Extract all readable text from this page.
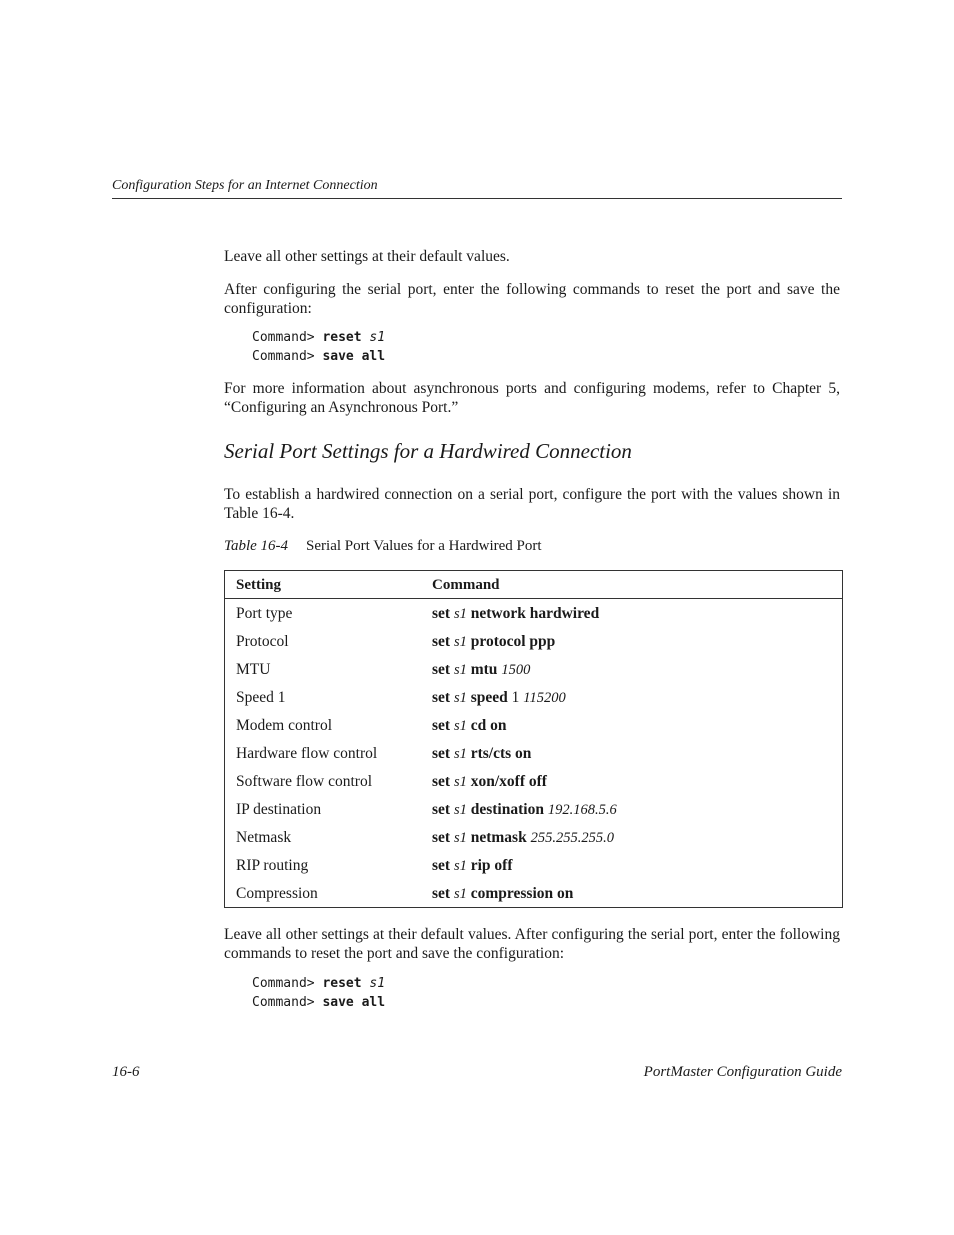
Configuration Steps for an Internet Connection
Leave all other settings at their default values.
After configuring the serial port, enter the following commands to reset the port and save the configuration:
Command> reset s1
Command> save all
For more information about asynchronous ports and configuring modems, refer to Chapter 5, “Configuring an Asynchronous Port.”
Serial Port Settings for a Hardwired Connection
To establish a hardwired connection on a serial port, configure the port with the values shown in Table 16-4.
Table 16-4 Serial Port Values for a Hardwired Port
Setting	Command
Port type	set s1 network hardwired
Protocol	set s1 protocol ppp
MTU	set s1 mtu 1500
Speed 1	set s1 speed 1 115200
Modem control	set s1 cd on
Hardware flow control	set s1 rts/cts on
Software flow control	set s1 xon/xoff off
IP destination	set s1 destination 192.168.5.6
Netmask	set s1 netmask 255.255.255.0
RIP routing	set s1 rip off
Compression	set s1 compression on
Leave all other settings at their default values. After configuring the serial port, enter the following commands to reset the port and save the configuration:
Command> reset s1
Command> save all
16-6	PortMaster Configuration Guide
